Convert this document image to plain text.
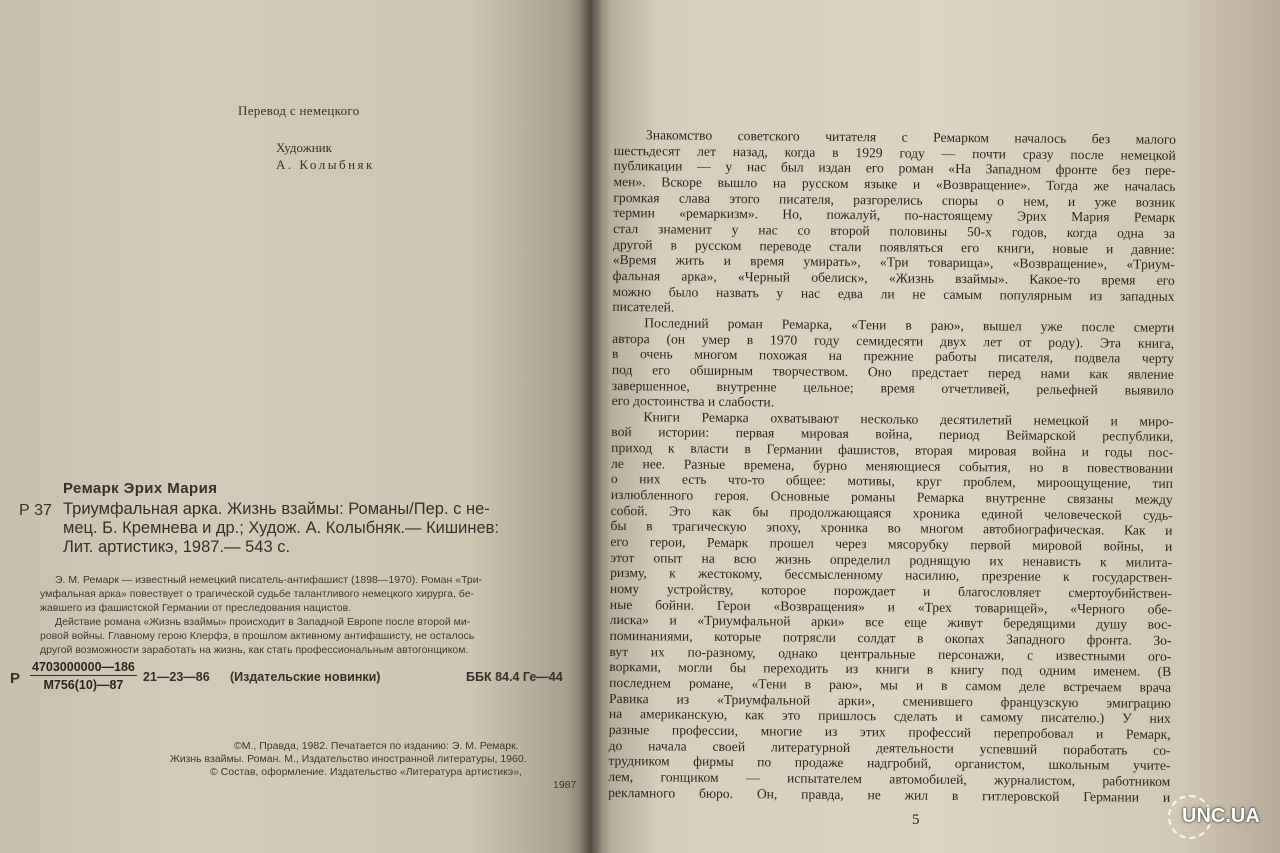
Перевод с немецкого
Художник
А. Колыбняк
Ремарк Эрих Мария
Р 37 Триумфальная арка. Жизнь взаймы: Романы/Пер. с не-
мец. Б. Кремнева и др.; Худож. А. Колыбняк.— Кишинев:
Лит. артистикэ, 1987.— 543 с.
Э. М. Ремарк — известный немецкий писатель-антифашист (1898—1970). Роман «Три-
умфальная арка» повествует о трагической судьбе талантливого немецкого хирурга, бе-
жавшего из фашистской Германии от преследования нацистов.
Действие романа «Жизнь взаймы» происходит в Западной Европе после второй ми-
ровой войны. Главному герою Клерфэ, в прошлом активному антифашисту, не осталось
другой возможности заработать на жизнь, как стать профессиональным автогонщиком.
Р
4703000000—186
М756(10)—87
21—23—86 (Издательские новинки)	ББК 84.4 Ге—44
©М., Правда, 1982. Печатается по изданию: Э. М. Ремарк.
Жизнь взаймы. Роман. М., Издательство иностранной литературы, 1960.
© Состав, оформление. Издательство «Литература артистикэ»,
1987
Знакомство советского читателя с Ремарком началось без малого
шестьдесят лет назад, когда в 1929 году — почти сразу после немецкой
публикации — у нас был издан его роман «На Западном фронте без пере-
мен». Вскоре вышло на русском языке и «Возвращение». Тогда же началась
громкая слава этого писателя, разгорелись споры о нем, и уже возник
термин «ремаркизм». Но, пожалуй, по-настоящему Эрих Мария Ремарк
стал знаменит у нас со второй половины 50-х годов, когда одна за
другой в русском переводе стали появляться его книги, новые и давние:
«Время жить и время умирать», «Три товарища», «Возвращение», «Триум-
фальная арка», «Черный обелиск», «Жизнь взаймы». Какое-то время его
можно было назвать у нас едва ли не самым популярным из западных
писателей.
Последний роман Ремарка, «Тени в раю», вышел уже после смерти
автора (он умер в 1970 году семидесяти двух лет от роду). Эта книга,
в очень многом похожая на прежние работы писателя, подвела черту
под его обширным творчеством. Оно предстает перед нами как явление
завершенное, внутренне цельное; время отчетливей, рельефней выявило
его достоинства и слабости.
Книги Ремарка охватывают несколько десятилетий немецкой и миро-
вой истории: первая мировая война, период Веймарской республики,
приход к власти в Германии фашистов, вторая мировая война и годы пос-
ле нее. Разные времена, бурно меняющиеся события, но в повествовании
о них есть что-то общее: мотивы, круг проблем, мироощущение, тип
излюбленного героя. Основные романы Ремарка внутренне связаны между
собой. Это как бы продолжающаяся хроника единой человеческой судь-
бы в трагическую эпоху, хроника во многом автобиографическая. Как и
его герои, Ремарк прошел через мясорубку первой мировой войны, и
этот опыт на всю жизнь определил роднящую их ненависть к милита-
ризму, к жестокому, бессмысленному насилию, презрение к государствен-
ному устройству, которое порождает и благословляет смертоубийствен-
ные бойни. Герои «Возвращения» и «Трех товарищей», «Черного обе-
лиска» и «Триумфальной арки» все еще живут бередящими душу вос-
поминаниями, которые потрясли солдат в окопах Западного фронта. Зо-
вут их по-разному, однако центральные персонажи, с известными ого-
ворками, могли бы переходить из книги в книгу под одним именем. (В
последнем романе, «Тени в раю», мы и в самом деле встречаем врача
Равика из «Триумфальной арки», сменившего французскую эмиграцию
на американскую, как это пришлось сделать и самому писателю.) У них
разные профессии, многие из этих профессий перепробовал и Ремарк,
до начала своей литературной деятельности успевший поработать со-
трудником фирмы по продаже надгробий, органистом, школьным учите-
лем, гонщиком — испытателем автомобилей, журналистом, работником
рекламного бюро. Он, правда, не жил в гитлеровской Германии и
5	UNC.UA
